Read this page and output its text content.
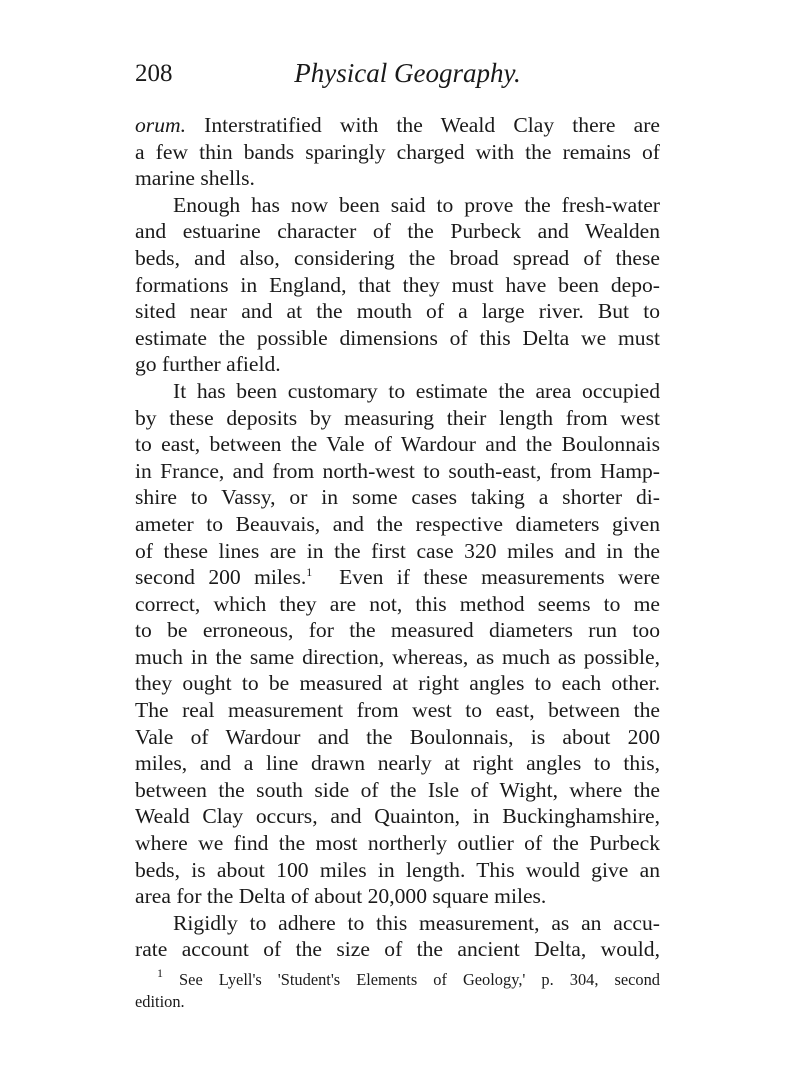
208	Physical Geography.
orum. Interstratified with the Weald Clay there are
a few thin bands sparingly charged with the remains of
marine shells.
Enough has now been said to prove the fresh-water
and estuarine character of the Purbeck and Wealden
beds, and also, considering the broad spread of these
formations in England, that they must have been depo-
sited near and at the mouth of a large river. But to
estimate the possible dimensions of this Delta we must
go further afield.
It has been customary to estimate the area occupied
by these deposits by measuring their length from west
to east, between the Vale of Wardour and the Boulonnais
in France, and from north-west to south-east, from Hamp-
shire to Vassy, or in some cases taking a shorter di-
ameter to Beauvais, and the respective diameters given
of these lines are in the first case 320 miles and in the
second 200 miles.$^1$ Even if these measurements were
correct, which they are not, this method seems to me
to be erroneous, for the measured diameters run too
much in the same direction, whereas, as much as possible,
they ought to be measured at right angles to each other.
The real measurement from west to east, between the
Vale of Wardour and the Boulonnais, is about 200
miles, and a line drawn nearly at right angles to this,
between the south side of the Isle of Wight, where the
Weald Clay occurs, and Quainton, in Buckinghamshire,
where we find the most northerly outlier of the Purbeck
beds, is about 100 miles in length. This would give an
area for the Delta of about 20,000 square miles.
Rigidly to adhere to this measurement, as an accu-
rate account of the size of the ancient Delta, would,
$^1$ See Lyell's 'Student's Elements of Geology,' p. 304, second
edition.
